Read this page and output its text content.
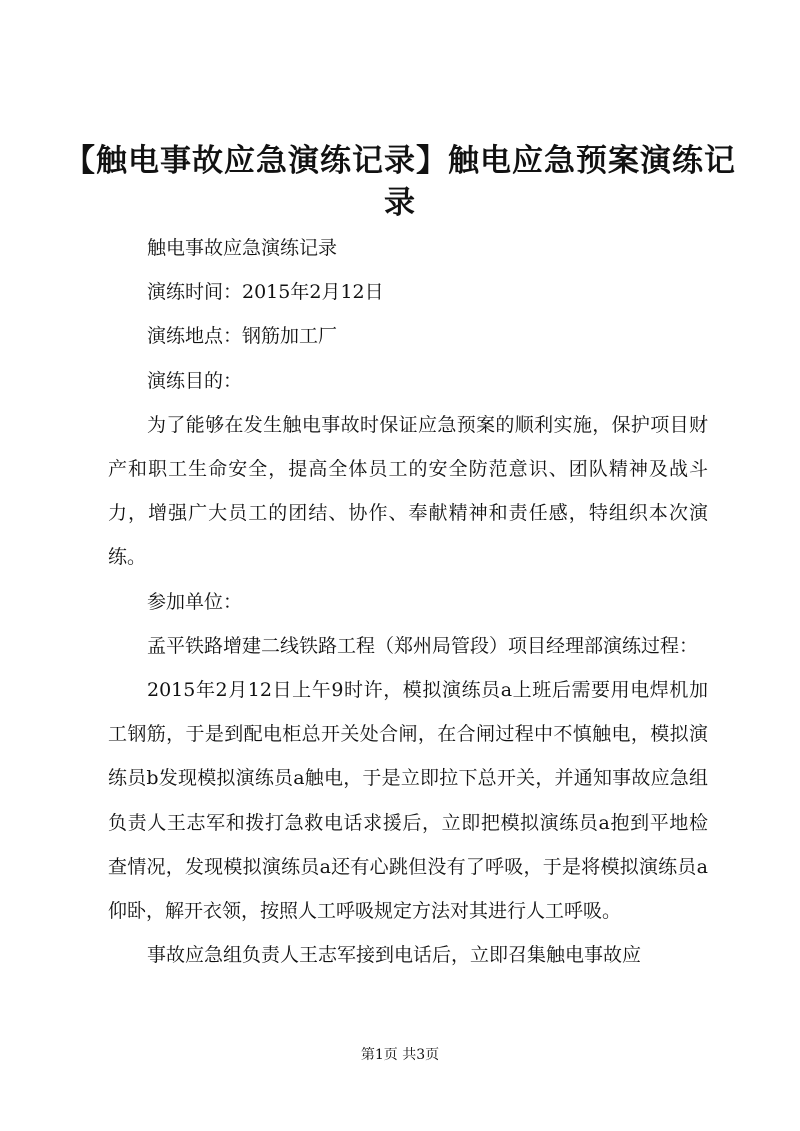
【触电事故应急演练记录】触电应急预案演练记录

触电事故应急演练记录

演练时间：2015年2月12日

演练地点：钢筋加工厂

演练目的：

为了能够在发生触电事故时保证应急预案的顺利实施，保护项目财产和职工生命安全，提高全体员工的安全防范意识、团队精神及战斗力，增强广大员工的团结、协作、奉献精神和责任感，特组织本次演练。

参加单位：

孟平铁路增建二线铁路工程（郑州局管段）项目经理部演练过程：

2015年2月12日上午9时许，模拟演练员a上班后需要用电焊机加工钢筋，于是到配电柜总开关处合闸，在合闸过程中不慎触电，模拟演练员b发现模拟演练员a触电，于是立即拉下总开关，并通知事故应急组负责人王志军和拨打急救电话求援后，立即把模拟演练员a抱到平地检查情况，发现模拟演练员a还有心跳但没有了呼吸，于是将模拟演练员a仰卧，解开衣领，按照人工呼吸规定方法对其进行人工呼吸。

事故应急组负责人王志军接到电话后，立即召集触电事故应

第1页 共3页
